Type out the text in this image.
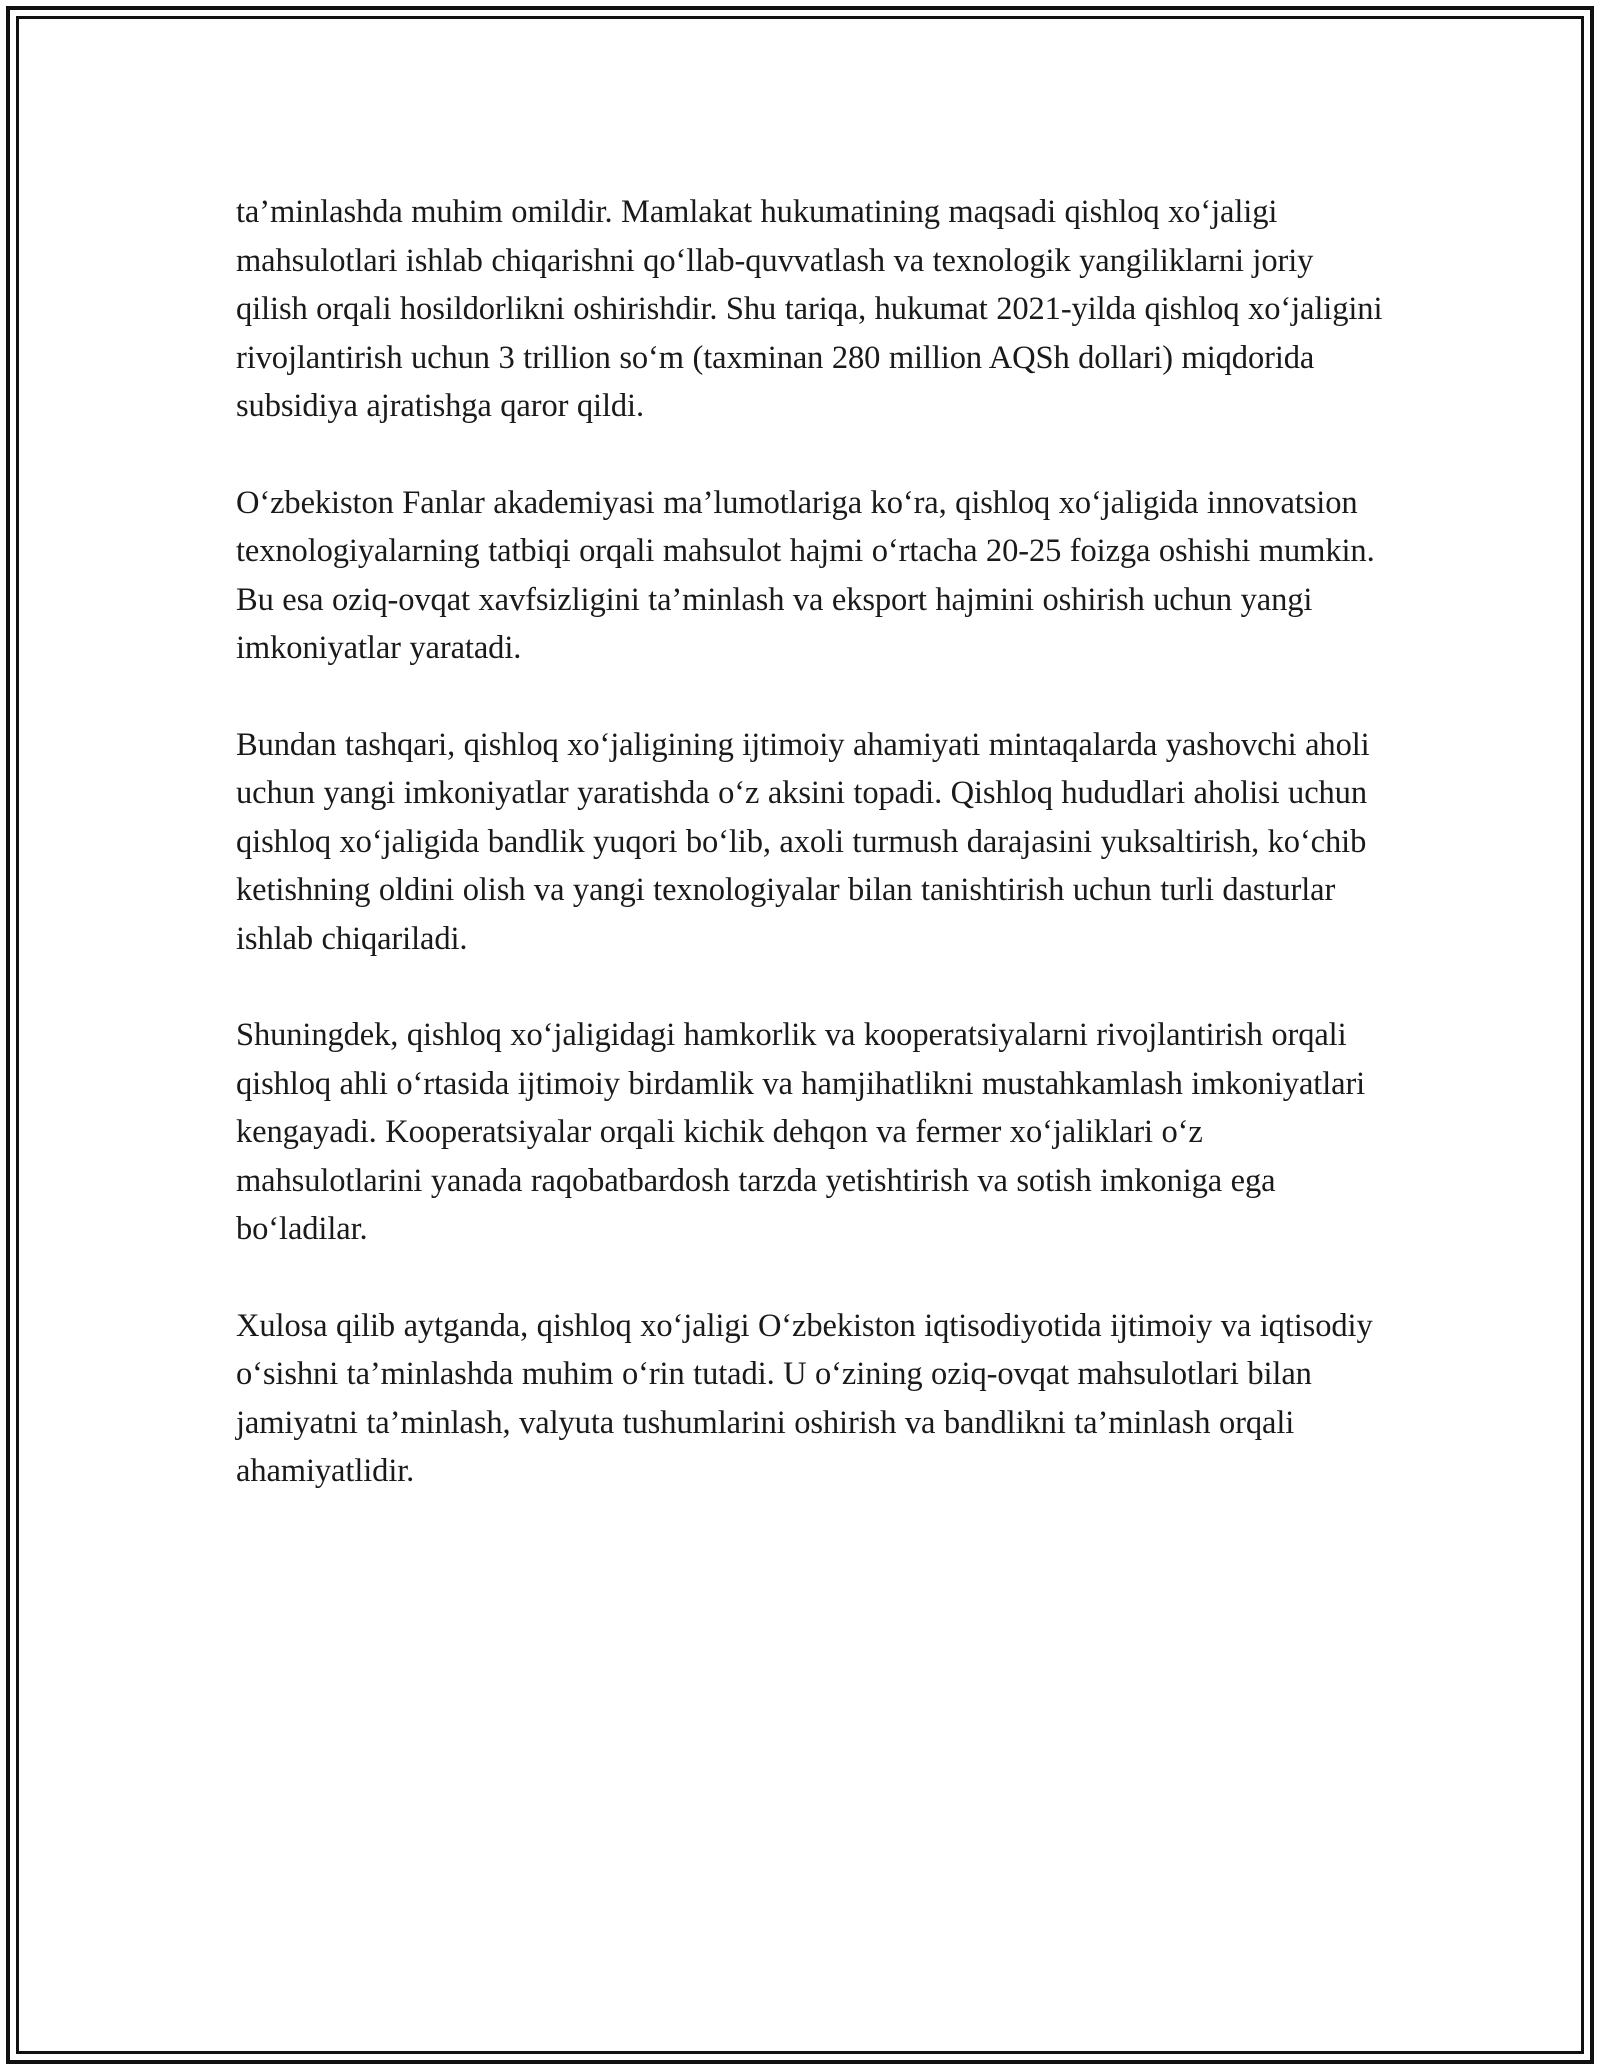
ta’minlashda muhim omildir. Mamlakat hukumatining maqsadi qishloq xo‘jaligi mahsulotlari ishlab chiqarishni qo‘llab-quvvatlash va texnologik yangiliklarni joriy qilish orqali hosildorlikni oshirishdir. Shu tariqa, hukumat 2021-yilda qishloq xo‘jaligini rivojlantirish uchun 3 trillion so‘m (taxminan 280 million AQSh dollari) miqdorida subsidiya ajratishga qaror qildi.

O‘zbekiston Fanlar akademiyasi ma’lumotlariga ko‘ra, qishloq xo‘jaligida innovatsion texnologiyalarning tatbiqi orqali mahsulot hajmi o‘rtacha 20-25 foizga oshishi mumkin. Bu esa oziq-ovqat xavfsizligini ta’minlash va eksport hajmini oshirish uchun yangi imkoniyatlar yaratadi.

Bundan tashqari, qishloq xo‘jaligining ijtimoiy ahamiyati mintaqalarda yashovchi aholi uchun yangi imkoniyatlar yaratishda o‘z aksini topadi. Qishloq hududlari aholisi uchun qishloq xo‘jaligida bandlik yuqori bo‘lib, axoli turmush darajasini yuksaltirish, ko‘chib ketishning oldini olish va yangi texnologiyalar bilan tanishtirish uchun turli dasturlar ishlab chiqariladi.

Shuningdek, qishloq xo‘jaligidagi hamkorlik va kooperatsiyalarni rivojlantirish orqali qishloq ahli o‘rtasida ijtimoiy birdamlik va hamjihatlikni mustahkamlash imkoniyatlari kengayadi. Kooperatsiyalar orqali kichik dehqon va fermer xo‘jaliklari o‘z mahsulotlarini yanada raqobatbardosh tarzda yetishtirish va sotish imkoniga ega bo‘ladilar.

Xulosa qilib aytganda, qishloq xo‘jaligi O‘zbekiston iqtisodiyotida ijtimoiy va iqtisodiy o‘sishni ta’minlashda muhim o‘rin tutadi. U o‘zining oziq-ovqat mahsulotlari bilan jamiyatni ta’minlash, valyuta tushumlarini oshirish va bandlikni ta’minlash orqali ahamiyatlidir.
